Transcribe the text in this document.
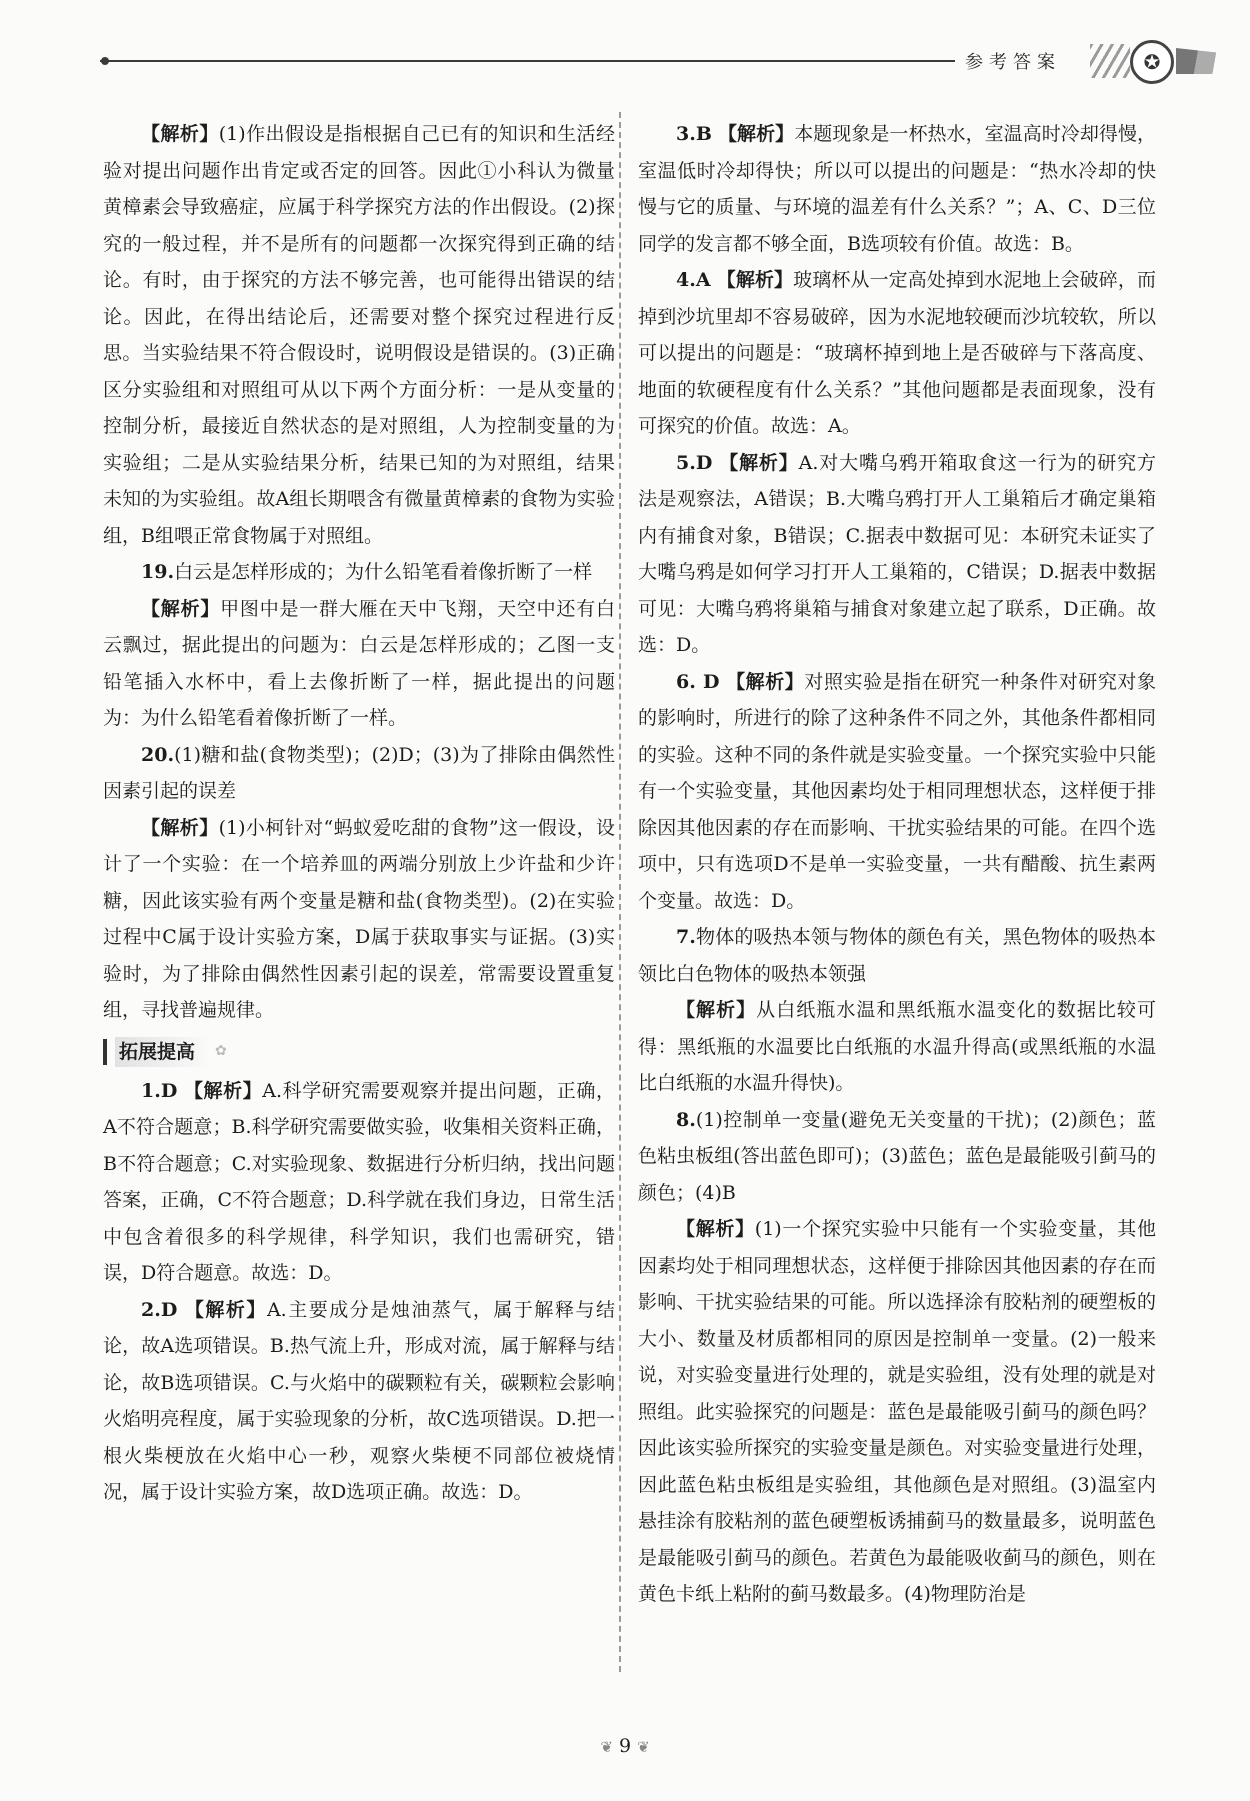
参考答案	✪

【解析】(1)作出假设是指根据自己已有的知识和生活经验对提出问题作出肯定或否定的回答。因此①小科认为微量黄樟素会导致癌症，应属于科学探究方法的作出假设。(2)探究的一般过程，并不是所有的问题都一次探究得到正确的结论。有时，由于探究的方法不够完善，也可能得出错误的结论。因此，在得出结论后，还需要对整个探究过程进行反思。当实验结果不符合假设时，说明假设是错误的。(3)正确区分实验组和对照组可从以下两个方面分析：一是从变量的控制分析，最接近自然状态的是对照组，人为控制变量的为实验组；二是从实验结果分析，结果已知的为对照组，结果未知的为实验组。故A组长期喂含有微量黄樟素的食物为实验组，B组喂正常食物属于对照组。

19.白云是怎样形成的；为什么铅笔看着像折断了一样

【解析】甲图中是一群大雁在天中飞翔，天空中还有白云飘过，据此提出的问题为：白云是怎样形成的；乙图一支铅笔插入水杯中，看上去像折断了一样，据此提出的问题为：为什么铅笔看着像折断了一样。

20.(1)糖和盐(食物类型)；(2)D；(3)为了排除由偶然性因素引起的误差

【解析】(1)小柯针对“蚂蚁爱吃甜的食物”这一假设，设计了一个实验：在一个培养皿的两端分别放上少许盐和少许糖，因此该实验有两个变量是糖和盐(食物类型)。(2)在实验过程中C属于设计实验方案，D属于获取事实与证据。(3)实验时，为了排除由偶然性因素引起的误差，常需要设置重复组，寻找普遍规律。

拓展提高	✿

1.D 【解析】A.科学研究需要观察并提出问题，正确，A不符合题意；B.科学研究需要做实验，收集相关资料正确，B不符合题意；C.对实验现象、数据进行分析归纳，找出问题答案，正确，C不符合题意；D.科学就在我们身边，日常生活中包含着很多的科学规律，科学知识，我们也需研究，错误，D符合题意。故选：D。

2.D 【解析】A.主要成分是烛油蒸气，属于解释与结论，故A选项错误。B.热气流上升，形成对流，属于解释与结论，故B选项错误。C.与火焰中的碳颗粒有关，碳颗粒会影响火焰明亮程度，属于实验现象的分析，故C选项错误。D.把一根火柴梗放在火焰中心一秒，观察火柴梗不同部位被烧情况，属于设计实验方案，故D选项正确。故选：D。

3.B 【解析】本题现象是一杯热水，室温高时冷却得慢，室温低时冷却得快；所以可以提出的问题是：“热水冷却的快慢与它的质量、与环境的温差有什么关系？”；A、C、D三位同学的发言都不够全面，B选项较有价值。故选：B。

4.A 【解析】玻璃杯从一定高处掉到水泥地上会破碎，而掉到沙坑里却不容易破碎，因为水泥地较硬而沙坑较软，所以可以提出的问题是：“玻璃杯掉到地上是否破碎与下落高度、地面的软硬程度有什么关系？”其他问题都是表面现象，没有可探究的价值。故选：A。

5.D 【解析】A.对大嘴乌鸦开箱取食这一行为的研究方法是观察法，A错误；B.大嘴乌鸦打开人工巢箱后才确定巢箱内有捕食对象，B错误；C.据表中数据可见：本研究未证实了大嘴乌鸦是如何学习打开人工巢箱的，C错误；D.据表中数据可见：大嘴乌鸦将巢箱与捕食对象建立起了联系，D正确。故选：D。

6. D 【解析】对照实验是指在研究一种条件对研究对象的影响时，所进行的除了这种条件不同之外，其他条件都相同的实验。这种不同的条件就是实验变量。一个探究实验中只能有一个实验变量，其他因素均处于相同理想状态，这样便于排除因其他因素的存在而影响、干扰实验结果的可能。在四个选项中，只有选项D不是单一实验变量，一共有醋酸、抗生素两个变量。故选：D。

7.物体的吸热本领与物体的颜色有关，黑色物体的吸热本领比白色物体的吸热本领强

【解析】从白纸瓶水温和黑纸瓶水温变化的数据比较可得：黑纸瓶的水温要比白纸瓶的水温升得高(或黑纸瓶的水温比白纸瓶的水温升得快)。

8.(1)控制单一变量(避免无关变量的干扰)；(2)颜色；蓝色粘虫板组(答出蓝色即可)；(3)蓝色；蓝色是最能吸引蓟马的颜色；(4)B

【解析】(1)一个探究实验中只能有一个实验变量，其他因素均处于相同理想状态，这样便于排除因其他因素的存在而影响、干扰实验结果的可能。所以选择涂有胶粘剂的硬塑板的大小、数量及材质都相同的原因是控制单一变量。(2)一般来说，对实验变量进行处理的，就是实验组，没有处理的就是对照组。此实验探究的问题是：蓝色是最能吸引蓟马的颜色吗？因此该实验所探究的实验变量是颜色。对实验变量进行处理，因此蓝色粘虫板组是实验组，其他颜色是对照组。(3)温室内悬挂涂有胶粘剂的蓝色硬塑板诱捕蓟马的数量最多，说明蓝色是最能吸引蓟马的颜色。若黄色为最能吸收蓟马的颜色，则在黄色卡纸上粘附的蓟马数最多。(4)物理防治是

❦ 9 ❦
